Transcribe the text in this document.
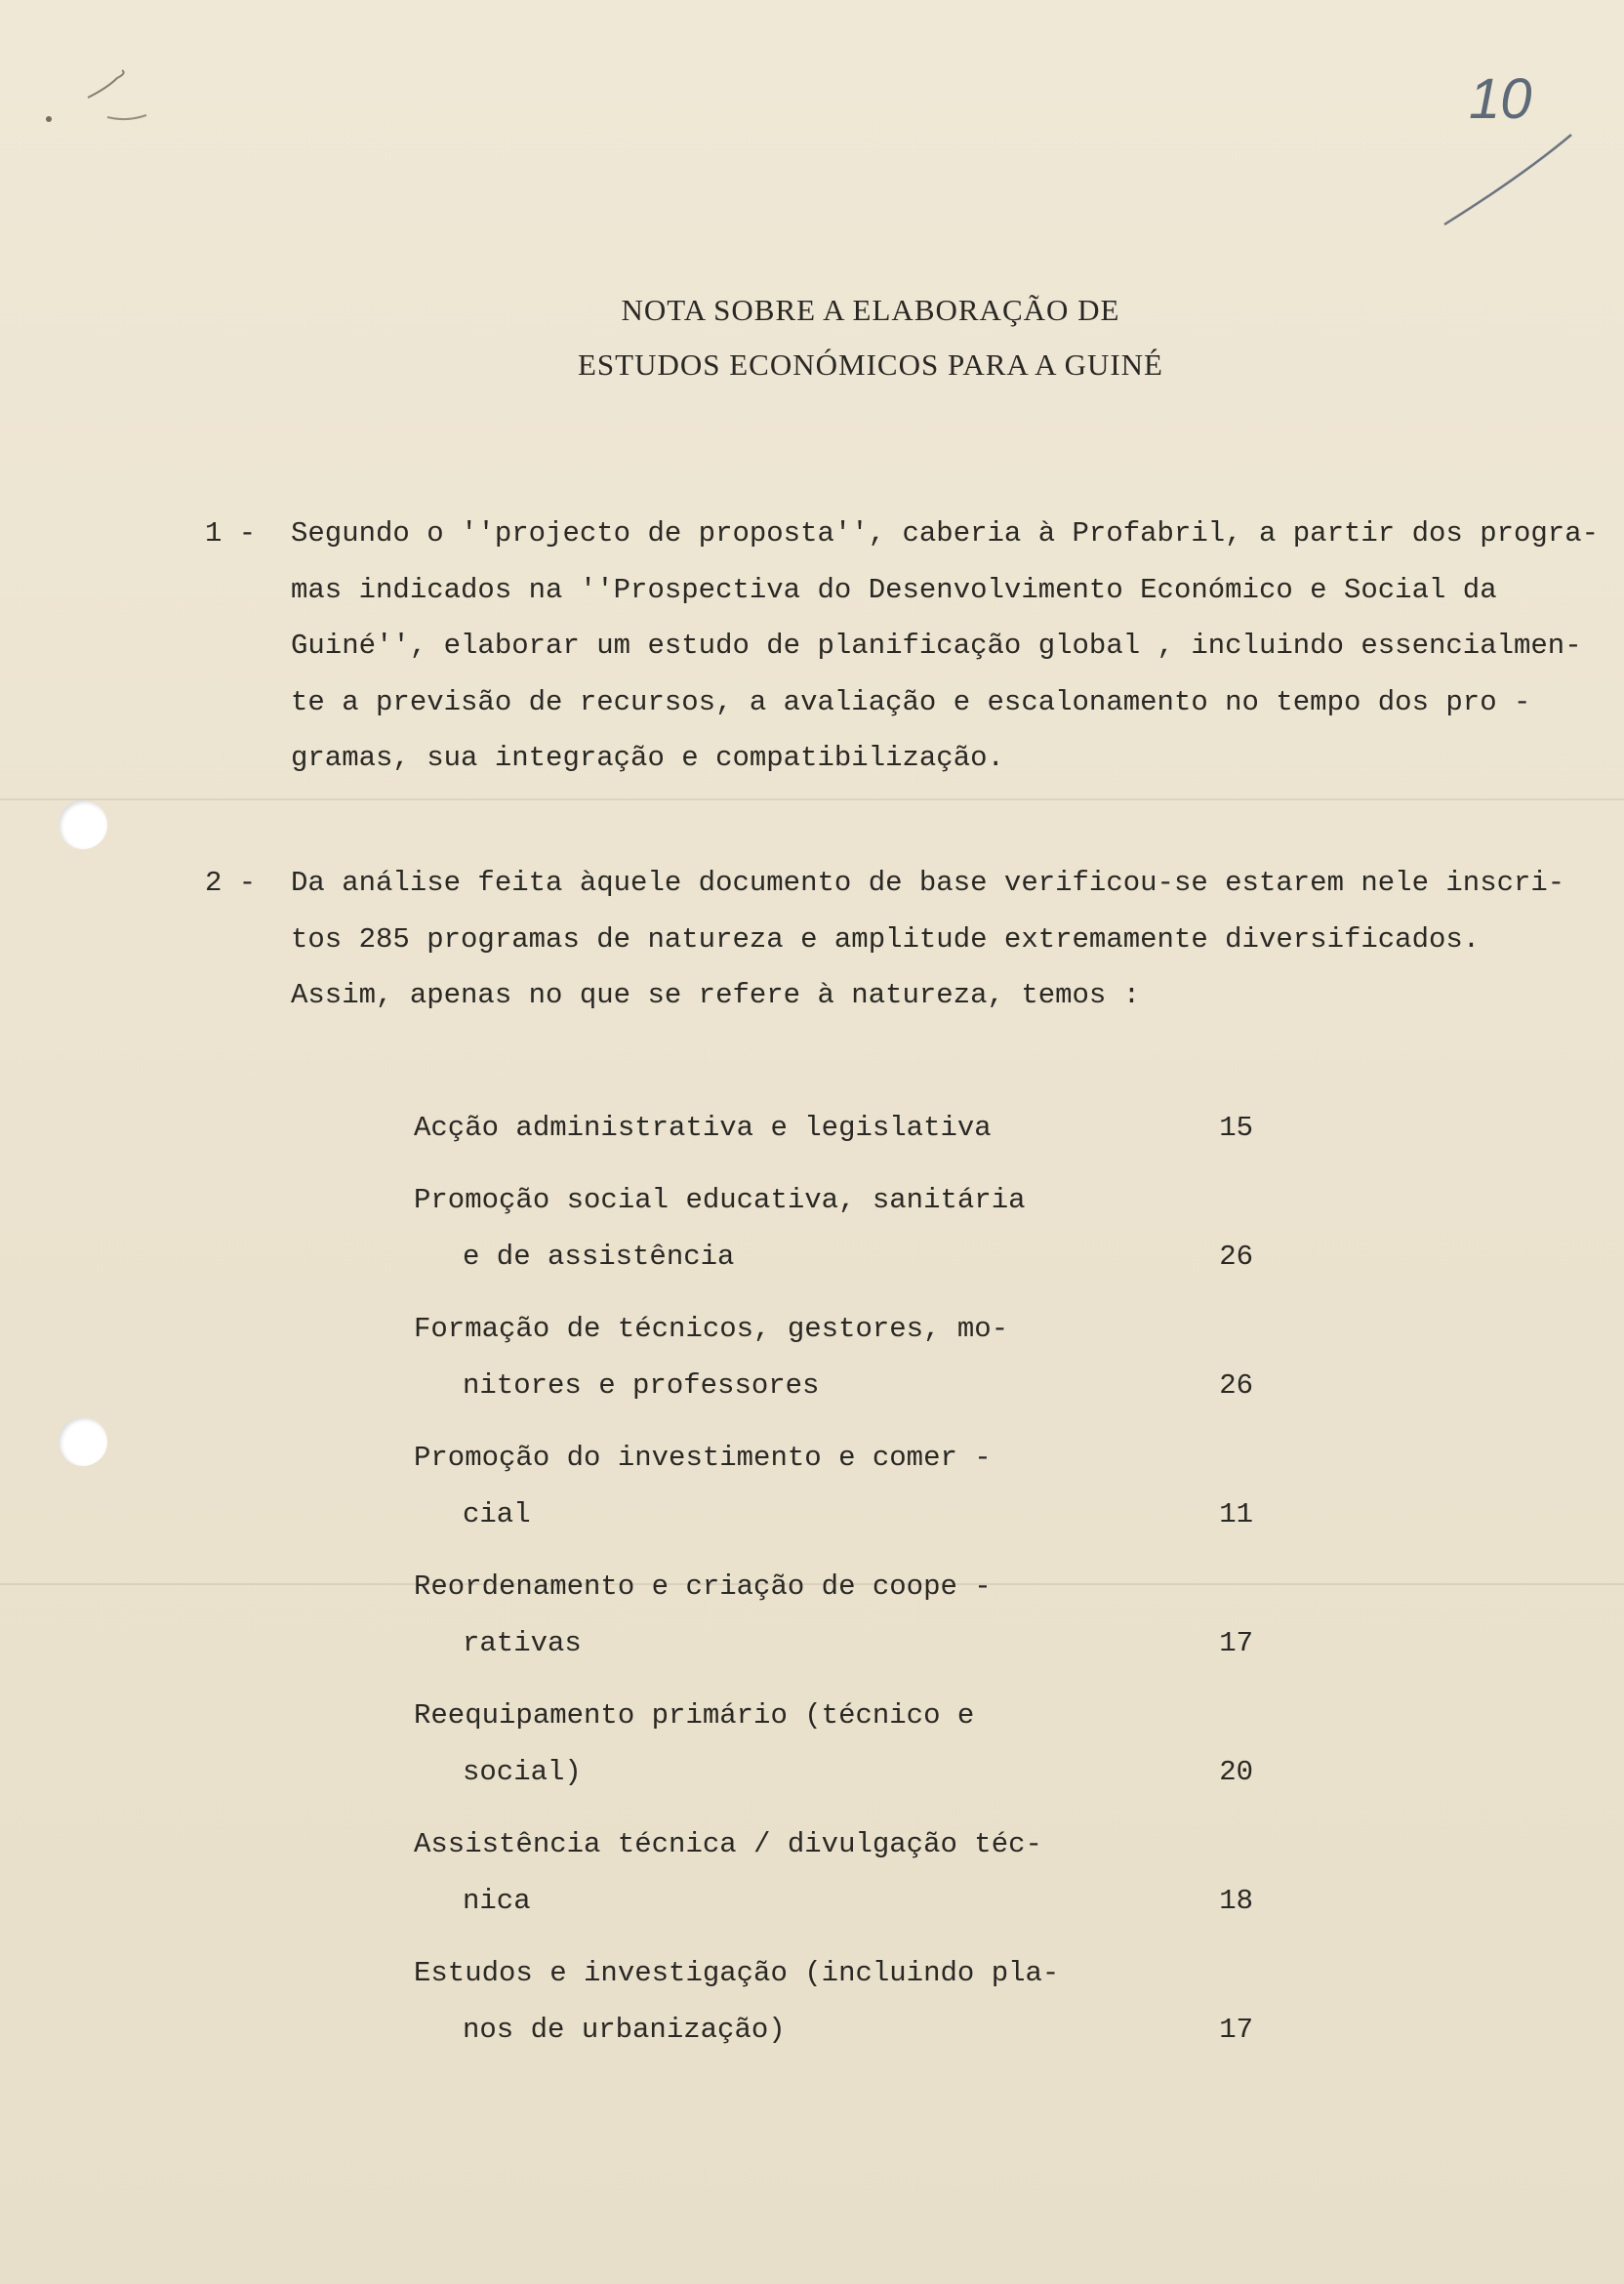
10
NOTA SOBRE A ELABORAÇÃO DE
ESTUDOS ECONÓMICOS PARA A GUINÉ
1 -	Segundo o ''projecto de proposta'', caberia à Profabril, a partir dos progra-
mas indicados na ''Prospectiva do Desenvolvimento Económico e Social da
Guiné'', elaborar um estudo de planificação global , incluindo essencialmen-
te a previsão de recursos, a avaliação e escalonamento no tempo dos pro -
gramas, sua integração e compatibilização.
2 -	Da análise feita àquele documento de base verificou-se estarem nele inscri-
tos 285 programas de natureza e amplitude extremamente diversificados.
Assim, apenas no que se refere à natureza, temos :
Acção administrativa e legislativa	15
Promoção social educativa, sanitária
e de assistência	26
Formação de técnicos, gestores, mo-
nitores e professores	26
Promoção do investimento e comer -
cial	11
Reordenamento e criação de coope -
rativas	17
Reequipamento primário (técnico e
social)	20
Assistência técnica / divulgação téc-
nica	18
Estudos e investigação (incluindo pla-
nos de urbanização)	17
